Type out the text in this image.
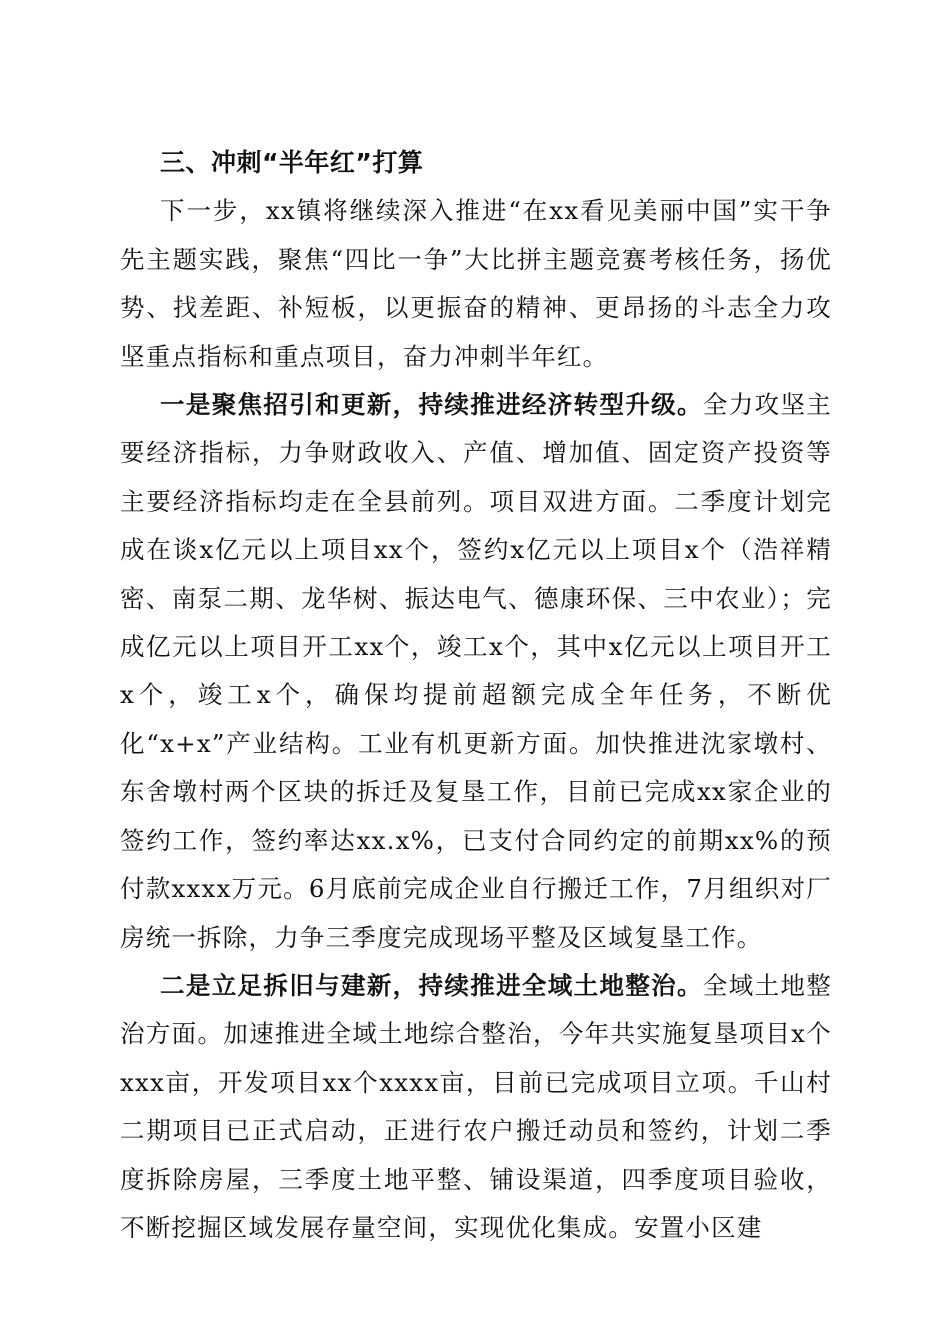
三、冲刺“半年红”打算

下一步，xx镇将继续深入推进“在xx看见美丽中国”实干争先主题实践，聚焦“四比一争”大比拼主题竞赛考核任务，扬优势、找差距、补短板，以更振奋的精神、更昂扬的斗志全力攻坚重点指标和重点项目，奋力冲刺半年红。

一是聚焦招引和更新，持续推进经济转型升级。全力攻坚主要经济指标，力争财政收入、产值、增加值、固定资产投资等主要经济指标均走在全县前列。项目双进方面。二季度计划完成在谈x亿元以上项目xx个，签约x亿元以上项目x个（浩祥精密、南泵二期、龙华树、振达电气、德康环保、三中农业）；完成亿元以上项目开工xx个，竣工x个，其中x亿元以上项目开工x个，竣工x个，确保均提前超额完成全年任务，不断优化“x+x”产业结构。工业有机更新方面。加快推进沈家墩村、东舍墩村两个区块的拆迁及复垦工作，目前已完成xx家企业的签约工作，签约率达xx.x%，已支付合同约定的前期xx%的预付款xxxx万元。6月底前完成企业自行搬迁工作，7月组织对厂房统一拆除，力争三季度完成现场平整及区域复垦工作。

二是立足拆旧与建新，持续推进全域土地整治。全域土地整治方面。加速推进全域土地综合整治，今年共实施复垦项目x个xxx亩，开发项目xx个xxxx亩，目前已完成项目立项。千山村二期项目已正式启动，正进行农户搬迁动员和签约，计划二季度拆除房屋，三季度土地平整、铺设渠道，四季度项目验收，不断挖掘区域发展存量空间，实现优化集成。安置小区建
